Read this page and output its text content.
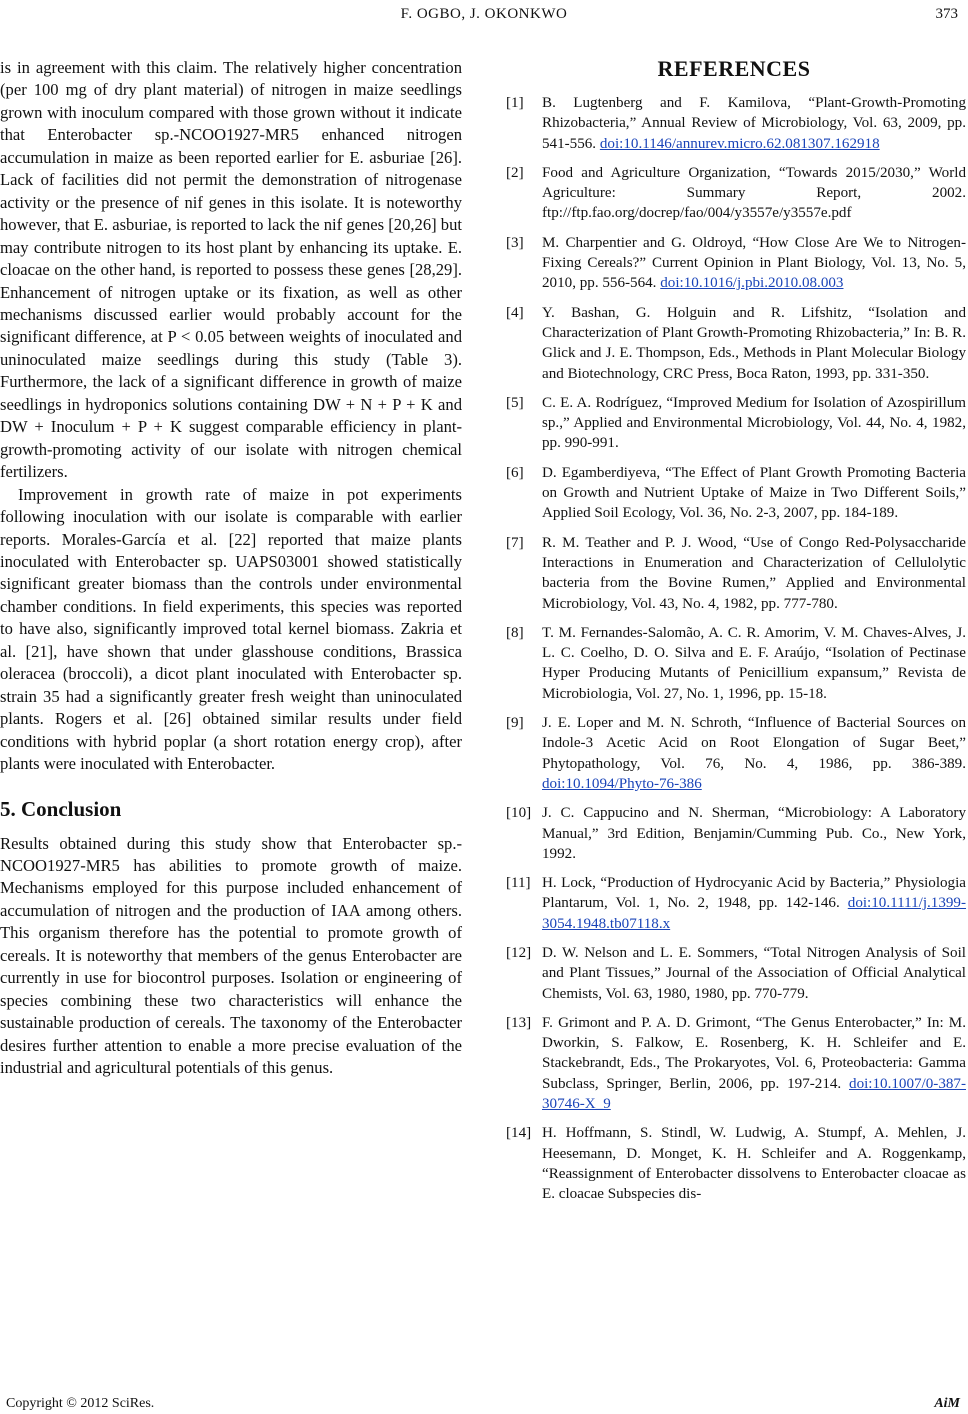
F. OGBO, J. OKONKWO	373

is in agreement with this claim. The relatively higher concentration (per 100 mg of dry plant material) of nitrogen in maize seedlings grown with inoculum compared with those grown without it indicate that Enterobacter sp.-NCOO1927-MR5 enhanced nitrogen accumulation in maize as been reported earlier for E. asburiae [26]. Lack of facilities did not permit the demonstration of nitrogenase activity or the presence of nif genes in this isolate. It is noteworthy however, that E. asburiae, is reported to lack the nif genes [20,26] but may contribute nitrogen to its host plant by enhancing its uptake. E. cloacae on the other hand, is reported to possess these genes [28,29]. Enhancement of nitrogen uptake or its fixation, as well as other mechanisms discussed earlier would probably account for the significant difference, at P < 0.05 between weights of inoculated and uninoculated maize seedlings during this study (Table 3). Furthermore, the lack of a significant difference in growth of maize seedlings in hydroponics solutions containing DW + N + P + K and DW + Inoculum + P + K suggest comparable efficiency in plant-growth-promoting activity of our isolate with nitrogen chemical fertilizers.

Improvement in growth rate of maize in pot experiments following inoculation with our isolate is comparable with earlier reports. Morales-García et al. [22] reported that maize plants inoculated with Enterobacter sp. UAPS03001 showed statistically significant greater biomass than the controls under environmental chamber conditions. In field experiments, this species was reported to have also, significantly improved total kernel biomass. Zakria et al. [21], have shown that under glasshouse conditions, Brassica oleracea (broccoli), a dicot plant inoculated with Enterobacter sp. strain 35 had a significantly greater fresh weight than uninoculated plants. Rogers et al. [26] obtained similar results under field conditions with hybrid poplar (a short rotation energy crop), after plants were inoculated with Enterobacter.

5. Conclusion

Results obtained during this study show that Enterobacter sp.-NCOO1927-MR5 has abilities to promote growth of maize. Mechanisms employed for this purpose included enhancement of accumulation of nitrogen and the production of IAA among others. This organism therefore has the potential to promote growth of cereals. It is noteworthy that members of the genus Enterobacter are currently in use for biocontrol purposes. Isolation or engineering of species combining these two characteristics will enhance the sustainable production of cereals. The taxonomy of the Enterobacter desires further attention to enable a more precise evaluation of the industrial and agricultural potentials of this genus.

REFERENCES
[1] B. Lugtenberg and F. Kamilova, “Plant-Growth-Promoting Rhizobacteria,” Annual Review of Microbiology, Vol. 63, 2009, pp. 541-556. doi:10.1146/annurev.micro.62.081307.162918
[2] Food and Agriculture Organization, “Towards 2015/2030,” World Agriculture: Summary Report, 2002. ftp://ftp.fao.org/docrep/fao/004/y3557e/y3557e.pdf
[3] M. Charpentier and G. Oldroyd, “How Close Are We to Nitrogen-Fixing Cereals?” Current Opinion in Plant Biology, Vol. 13, No. 5, 2010, pp. 556-564. doi:10.1016/j.pbi.2010.08.003
[4] Y. Bashan, G. Holguin and R. Lifshitz, “Isolation and Characterization of Plant Growth-Promoting Rhizobacteria,” In: B. R. Glick and J. E. Thompson, Eds., Methods in Plant Molecular Biology and Biotechnology, CRC Press, Boca Raton, 1993, pp. 331-350.
[5] C. E. A. Rodríguez, “Improved Medium for Isolation of Azospirillum sp.,” Applied and Environmental Microbiology, Vol. 44, No. 4, 1982, pp. 990-991.
[6] D. Egamberdiyeva, “The Effect of Plant Growth Promoting Bacteria on Growth and Nutrient Uptake of Maize in Two Different Soils,” Applied Soil Ecology, Vol. 36, No. 2-3, 2007, pp. 184-189.
[7] R. M. Teather and P. J. Wood, “Use of Congo Red-Polysaccharide Interactions in Enumeration and Characterization of Cellulolytic bacteria from the Bovine Rumen,” Applied and Environmental Microbiology, Vol. 43, No. 4, 1982, pp. 777-780.
[8] T. M. Fernandes-Salomão, A. C. R. Amorim, V. M. Chaves-Alves, J. L. C. Coelho, D. O. Silva and E. F. Araújo, “Isolation of Pectinase Hyper Producing Mutants of Penicillium expansum,” Revista de Microbiologia, Vol. 27, No. 1, 1996, pp. 15-18.
[9] J. E. Loper and M. N. Schroth, “Influence of Bacterial Sources on Indole-3 Acetic Acid on Root Elongation of Sugar Beet,” Phytopathology, Vol. 76, No. 4, 1986, pp. 386-389. doi:10.1094/Phyto-76-386
[10] J. C. Cappucino and N. Sherman, “Microbiology: A Laboratory Manual,” 3rd Edition, Benjamin/Cumming Pub. Co., New York, 1992.
[11] H. Lock, “Production of Hydrocyanic Acid by Bacteria,” Physiologia Plantarum, Vol. 1, No. 2, 1948, pp. 142-146. doi:10.1111/j.1399-3054.1948.tb07118.x
[12] D. W. Nelson and L. E. Sommers, “Total Nitrogen Analysis of Soil and Plant Tissues,” Journal of the Association of Official Analytical Chemists, Vol. 63, 1980, 1980, pp. 770-779.
[13] F. Grimont and P. A. D. Grimont, “The Genus Enterobacter,” In: M. Dworkin, S. Falkow, E. Rosenberg, K. H. Schleifer and E. Stackebrandt, Eds., The Prokaryotes, Vol. 6, Proteobacteria: Gamma Subclass, Springer, Berlin, 2006, pp. 197-214. doi:10.1007/0-387-30746-X_9
[14] H. Hoffmann, S. Stindl, W. Ludwig, A. Stumpf, A. Mehlen, J. Heesemann, D. Monget, K. H. Schleifer and A. Roggenkamp, “Reassignment of Enterobacter dissolvens to Enterobacter cloacae as E. cloacae Subspecies dis-
Copyright © 2012 SciRes.	AiM
